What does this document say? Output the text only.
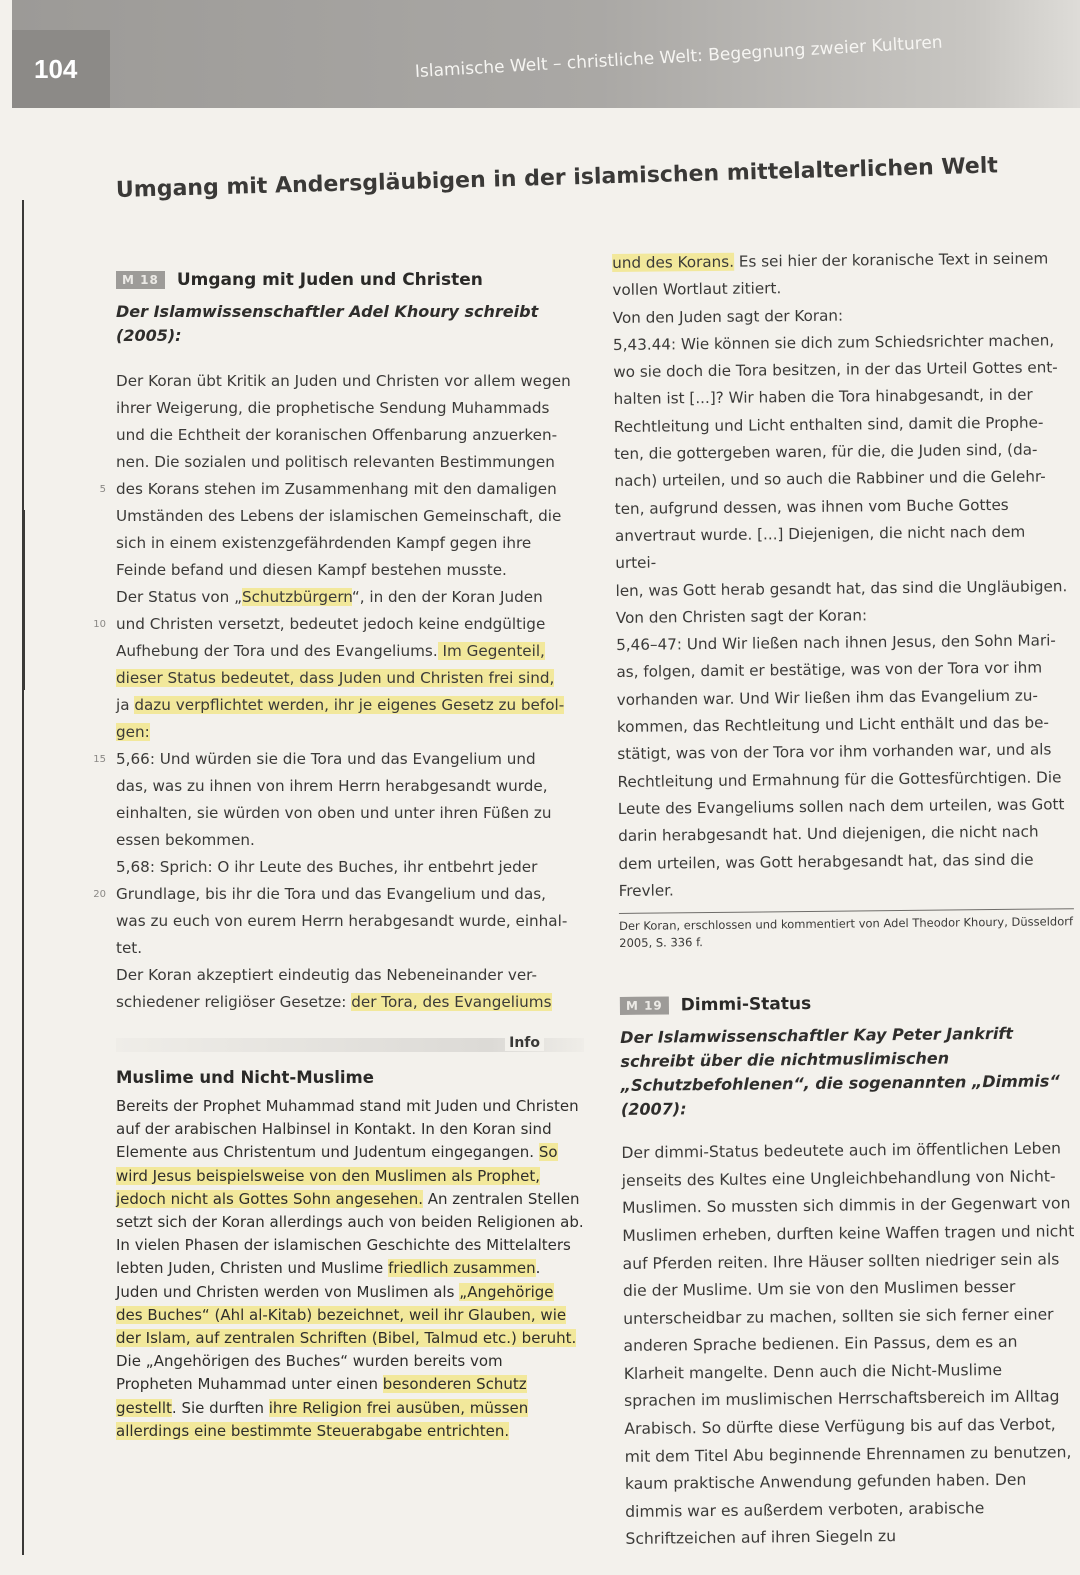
104	Islamische Welt – christliche Welt: Begegnung zweier Kulturen
Umgang mit Andersgläubigen in der islamischen mittelalterlichen Welt
M 18	Umgang mit Juden und Christen
Der Islamwissenschaftler Adel Khoury schreibt (2005):
Der Koran übt Kritik an Juden und Christen vor allem wegen
ihrer Weigerung, die prophetische Sendung Muhammads
und die Echtheit der koranischen Offenbarung anzuerken-
nen. Die sozialen und politisch relevanten Bestimmungen
5 des Korans stehen im Zusammenhang mit den damaligen
Umständen des Lebens der islamischen Gemeinschaft, die
sich in einem existenzgefährdenden Kampf gegen ihre
Feinde befand und diesen Kampf bestehen musste.
Der Status von „Schutzbürgern“, in den der Koran Juden
10 und Christen versetzt, bedeutet jedoch keine endgültige
Aufhebung der Tora und des Evangeliums. Im Gegenteil,
dieser Status bedeutet, dass Juden und Christen frei sind,
ja dazu verpflichtet werden, ihr je eigenes Gesetz zu befol-
gen:
15 5,66: Und würden sie die Tora und das Evangelium und
das, was zu ihnen von ihrem Herrn herabgesandt wurde,
einhalten, sie würden von oben und unter ihren Füßen zu
essen bekommen.
5,68: Sprich: O ihr Leute des Buches, ihr entbehrt jeder
20 Grundlage, bis ihr die Tora und das Evangelium und das,
was zu euch von eurem Herrn herabgesandt wurde, einhal-
tet.
Der Koran akzeptiert eindeutig das Nebeneinander ver-
schiedener religiöser Gesetze: der Tora, des Evangeliums
Info
Muslime und Nicht-Muslime
Bereits der Prophet Muhammad stand mit Juden und Christen auf der arabischen Halbinsel in Kontakt. In den Koran sind Elemente aus Christentum und Judentum eingegangen. So wird Jesus beispielsweise von den Muslimen als Prophet, jedoch nicht als Gottes Sohn angesehen. An zentralen Stellen setzt sich der Koran allerdings auch von beiden Religionen ab. In vielen Phasen der islamischen Geschichte des Mittelalters lebten Juden, Christen und Muslime friedlich zusammen. Juden und Christen werden von Muslimen als „Angehörige des Buches“ (Ahl al-Kitab) bezeichnet, weil ihr Glauben, wie der Islam, auf zentralen Schriften (Bibel, Talmud etc.) beruht. Die „Angehörigen des Buches“ wurden bereits vom Propheten Muhammad unter einen besonderen Schutz gestellt. Sie durften ihre Religion frei ausüben, müssen allerdings eine bestimmte Steuerabgabe entrichten.
und des Korans. Es sei hier der koranische Text in seinem
vollen Wortlaut zitiert.
Von den Juden sagt der Koran:
5,43.44: Wie können sie dich zum Schiedsrichter machen,
wo sie doch die Tora besitzen, in der das Urteil Gottes ent-
halten ist [...]? Wir haben die Tora hinabgesandt, in der
Rechtleitung und Licht enthalten sind, damit die Prophe-
ten, die gottergeben waren, für die, die Juden sind, (da-
nach) urteilen, und so auch die Rabbiner und die Gelehr-
ten, aufgrund dessen, was ihnen vom Buche Gottes
anvertraut wurde. [...] Diejenigen, die nicht nach dem urtei-
len, was Gott herab gesandt hat, das sind die Ungläubigen.
Von den Christen sagt der Koran:
5,46–47: Und Wir ließen nach ihnen Jesus, den Sohn Mari-
as, folgen, damit er bestätige, was von der Tora vor ihm
vorhanden war. Und Wir ließen ihm das Evangelium zu-
kommen, das Rechtleitung und Licht enthält und das be-
stätigt, was von der Tora vor ihm vorhanden war, und als
Rechtleitung und Ermahnung für die Gottesfürchtigen. Die
Leute des Evangeliums sollen nach dem urteilen, was Gott
darin herabgesandt hat. Und diejenigen, die nicht nach
dem urteilen, was Gott herabgesandt hat, das sind die
Frevler.
Der Koran, erschlossen und kommentiert von Adel Theodor Khoury, Düsseldorf 2005, S. 336 f.
M 19	Dimmi-Status
Der Islamwissenschaftler Kay Peter Jankrift schreibt über die nichtmuslimischen „Schutzbefohlenen“, die sogenannten „Dimmis“ (2007):
Der dimmi-Status bedeutete auch im öffentlichen Leben jenseits des Kultes eine Ungleichbehandlung von Nicht-Muslimen. So mussten sich dimmis in der Gegenwart von Muslimen erheben, durften keine Waffen tragen und nicht auf Pferden reiten. Ihre Häuser sollten niedriger sein als die der Muslime. Um sie von den Muslimen besser unterscheidbar zu machen, sollten sie sich ferner einer anderen Sprache bedienen. Ein Passus, dem es an Klarheit mangelte. Denn auch die Nicht-Muslime sprachen im muslimischen Herrschaftsbereich im Alltag Arabisch. So dürfte diese Verfügung bis auf das Verbot, mit dem Titel Abu beginnende Ehrennamen zu benutzen, kaum praktische Anwendung gefunden haben. Den dimmis war es außerdem verboten, arabische Schriftzeichen auf ihren Siegeln zu
